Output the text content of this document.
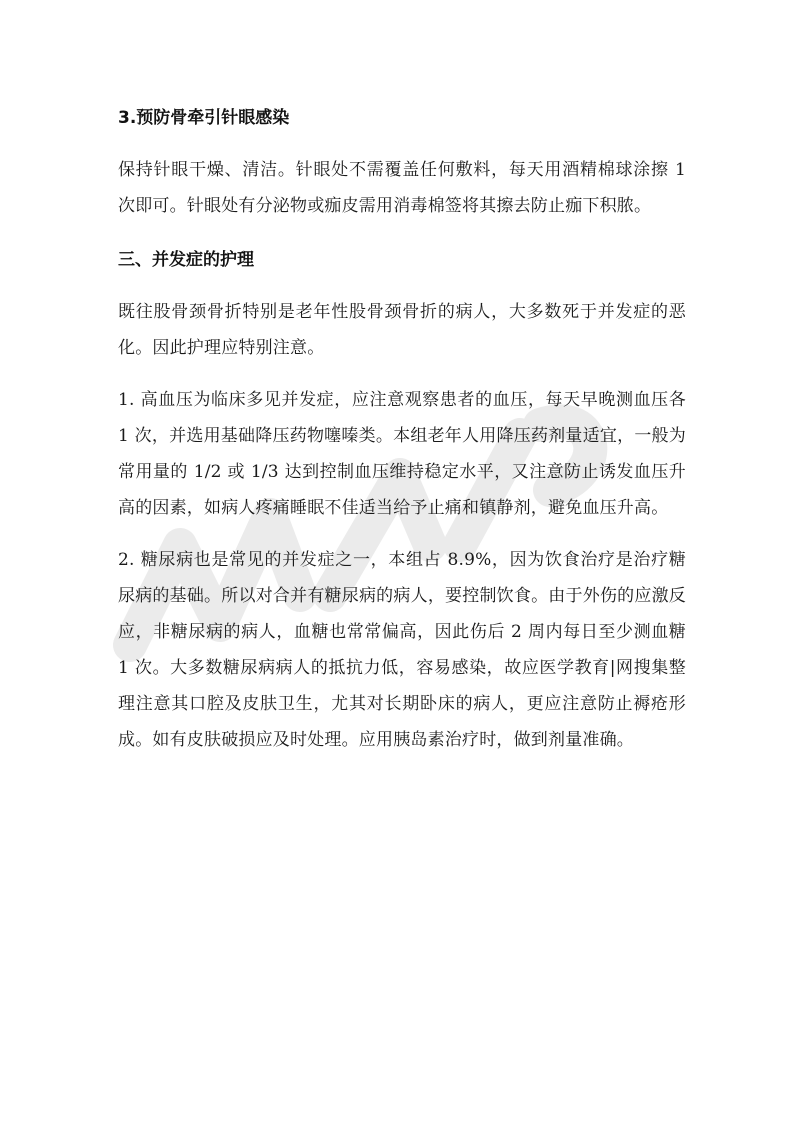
3.预防骨牵引针眼感染

保持针眼干燥、清洁。针眼处不需覆盖任何敷料，每天用酒精棉球涂擦 1 次即可。针眼处有分泌物或痂皮需用消毒棉签将其擦去防止痂下积脓。

三、并发症的护理

既往股骨颈骨折特别是老年性股骨颈骨折的病人，大多数死于并发症的恶化。因此护理应特别注意。

1. 高血压为临床多见并发症，应注意观察患者的血压，每天早晚测血压各 1 次，并选用基础降压药物噻嗪类。本组老年人用降压药剂量适宜，一般为常用量的 1/2 或 1/3 达到控制血压维持稳定水平，又注意防止诱发血压升高的因素，如病人疼痛睡眠不佳适当给予止痛和镇静剂，避免血压升高。

2. 糖尿病也是常见的并发症之一，本组占 8.9%，因为饮食治疗是治疗糖尿病的基础。所以对合并有糖尿病的病人，要控制饮食。由于外伤的应激反应，非糖尿病的病人，血糖也常常偏高，因此伤后 2 周内每日至少测血糖 1 次。大多数糖尿病病人的抵抗力低，容易感染，故应医学教育|网搜集整理注意其口腔及皮肤卫生，尤其对长期卧床的病人，更应注意防止褥疮形成。如有皮肤破损应及时处理。应用胰岛素治疗时，做到剂量准确。
